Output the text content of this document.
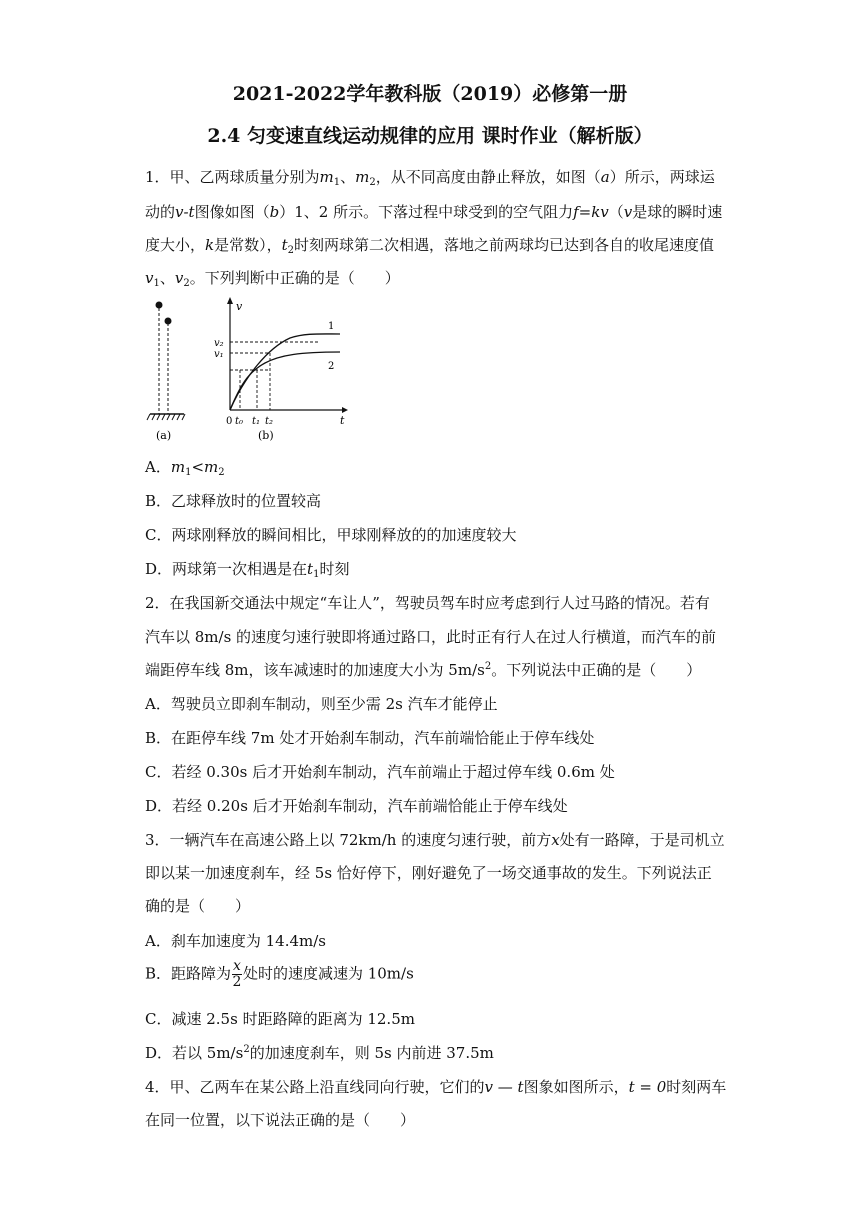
2021-2022学年教科版（2019）必修第一册
2.4 匀变速直线运动规律的应用 课时作业（解析版）
1．甲、乙两球质量分别为$m_1$、$m_2$，从不同高度由静止释放，如图（a）所示，两球运
动的v-t图像如图（b）1、2 所示。下落过程中球受到的空气阻力f=kv（v是球的瞬时速
度大小，k是常数），$t_2$时刻两球第二次相遇，落地之前两球均已达到各自的收尾速度值
$v_1$、$v_2$。下列判断中正确的是（　　）
(a)
v
t
1
2
v₂
v₁
0 t₀ t₁ t₂
(b)
A．$m_1<m_2$
B．乙球释放时的位置较高
C．两球刚释放的瞬间相比，甲球刚释放的的加速度较大
D．两球第一次相遇是在$t_1$时刻
2．在我国新交通法中规定“车让人”，驾驶员驾车时应考虑到行人过马路的情况。若有
汽车以 8m/s 的速度匀速行驶即将通过路口，此时正有行人在过人行横道，而汽车的前
端距停车线 8m，该车减速时的加速度大小为 $5m/s^2$。下列说法中正确的是（　　）
A．驾驶员立即刹车制动，则至少需 2s 汽车才能停止
B．在距停车线 7m 处才开始刹车制动，汽车前端恰能止于停车线处
C．若经 0.30s 后才开始刹车制动，汽车前端止于超过停车线 0.6m 处
D．若经 0.20s 后才开始刹车制动，汽车前端恰能止于停车线处
3．一辆汽车在高速公路上以 72km/h 的速度匀速行驶，前方x处有一路障，于是司机立
即以某一加速度刹车，经 5s 恰好停下，刚好避免了一场交通事故的发生。下列说法正
确的是（　　）
A．刹车加速度为 14.4m/s
B．距路障为 $\frac{x}{2}$ 处时的速度减速为 10m/s
C．减速 2.5s 时距路障的距离为 12.5m
D．若以 $5m/s^2$的加速度刹车，则 5s 内前进 37.5m
4．甲、乙两车在某公路上沿直线同向行驶，它们的v — t图象如图所示，t = 0时刻两车
在同一位置，以下说法正确的是（　　）
